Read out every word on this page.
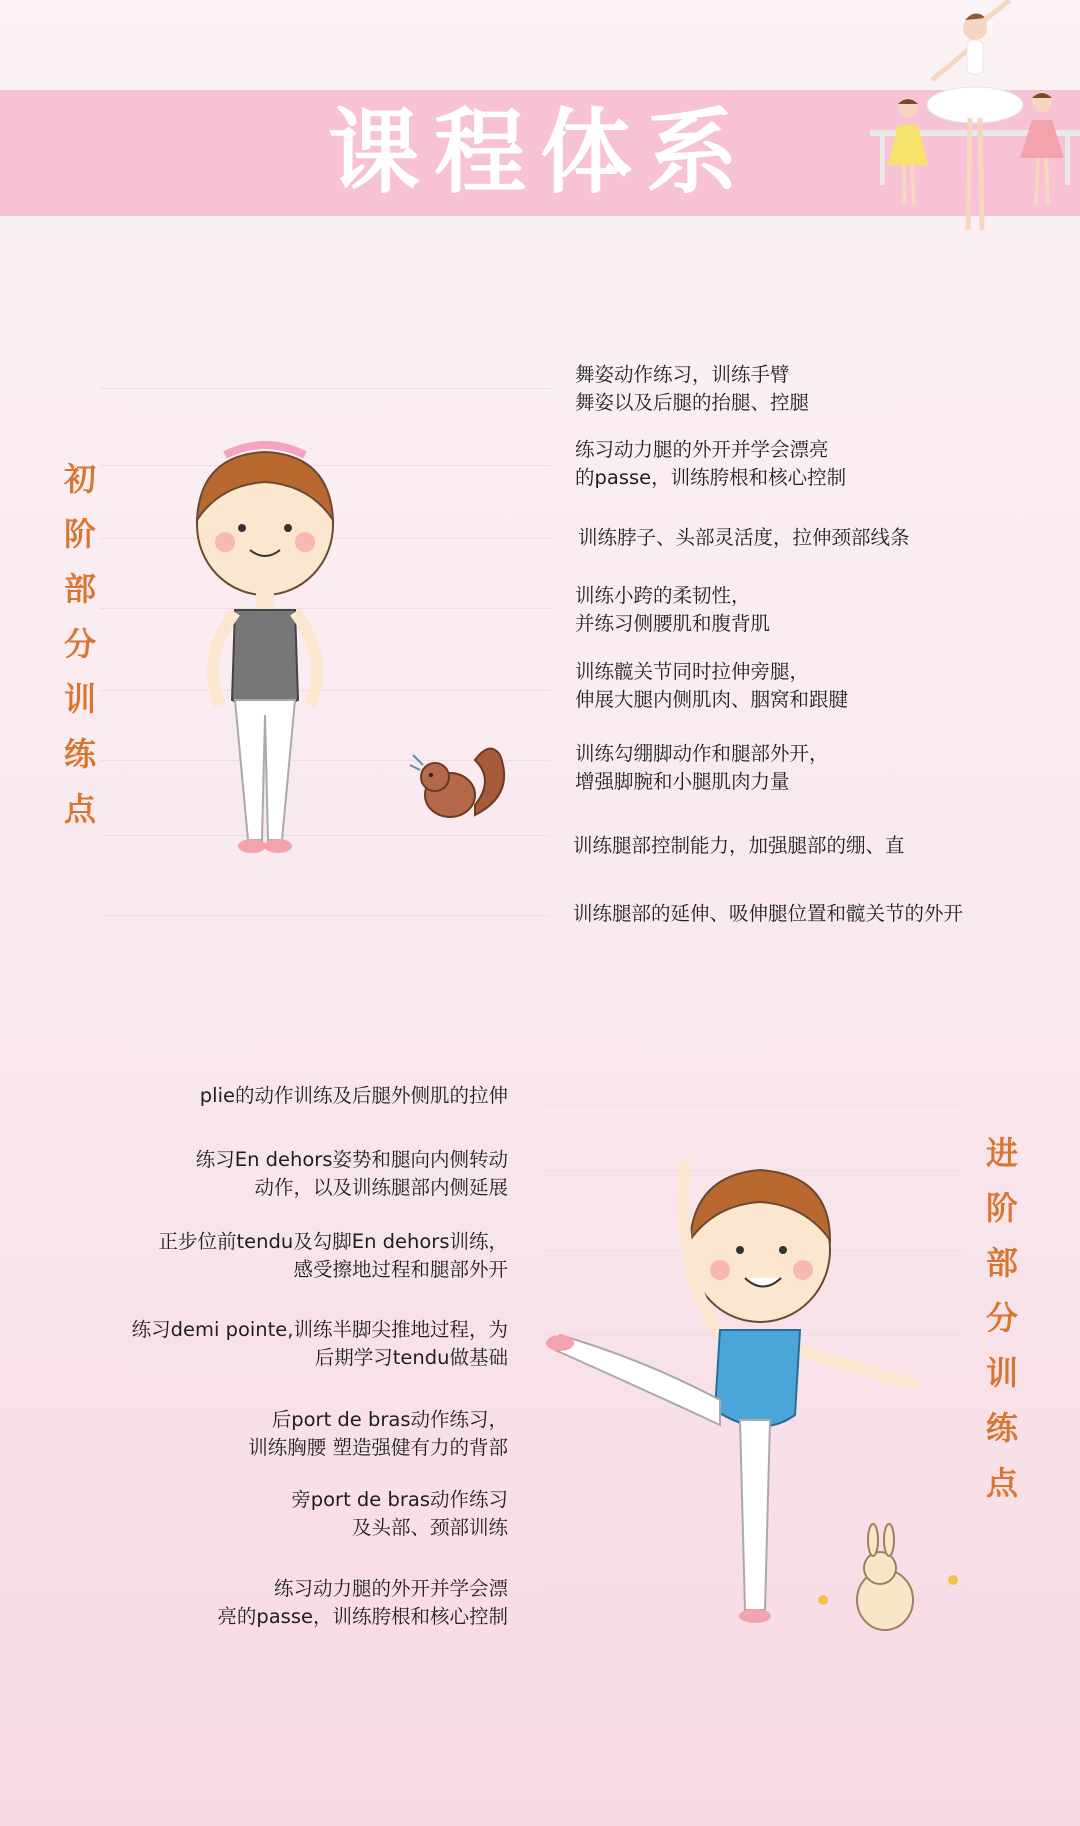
课程体系
初
阶
部
分
训
练
点
舞姿动作练习，训练手臂
舞姿以及后腿的抬腿、控腿
练习动力腿的外开并学会漂亮
的passe，训练胯根和核心控制
训练脖子、头部灵活度，拉伸颈部线条
训练小跨的柔韧性，
并练习侧腰肌和腹背肌
训练髋关节同时拉伸旁腿，
伸展大腿内侧肌肉、胭窝和跟腱
训练勾绷脚动作和腿部外开，
增强脚腕和小腿肌肉力量
训练腿部控制能力，加强腿部的绷、直
训练腿部的延伸、吸伸腿位置和髋关节的外开
进
阶
部
分
训
练
点
plie的动作训练及后腿外侧肌的拉伸
练习En dehors姿势和腿向内侧转动
动作，以及训练腿部内侧延展
正步位前tendu及勾脚En dehors训练，
感受擦地过程和腿部外开
练习demi pointe,训练半脚尖推地过程，为
后期学习tendu做基础
后port de bras动作练习，
训练胸腰 塑造强健有力的背部
旁port de bras动作练习
及头部、颈部训练
练习动力腿的外开并学会漂
亮的passe，训练胯根和核心控制
